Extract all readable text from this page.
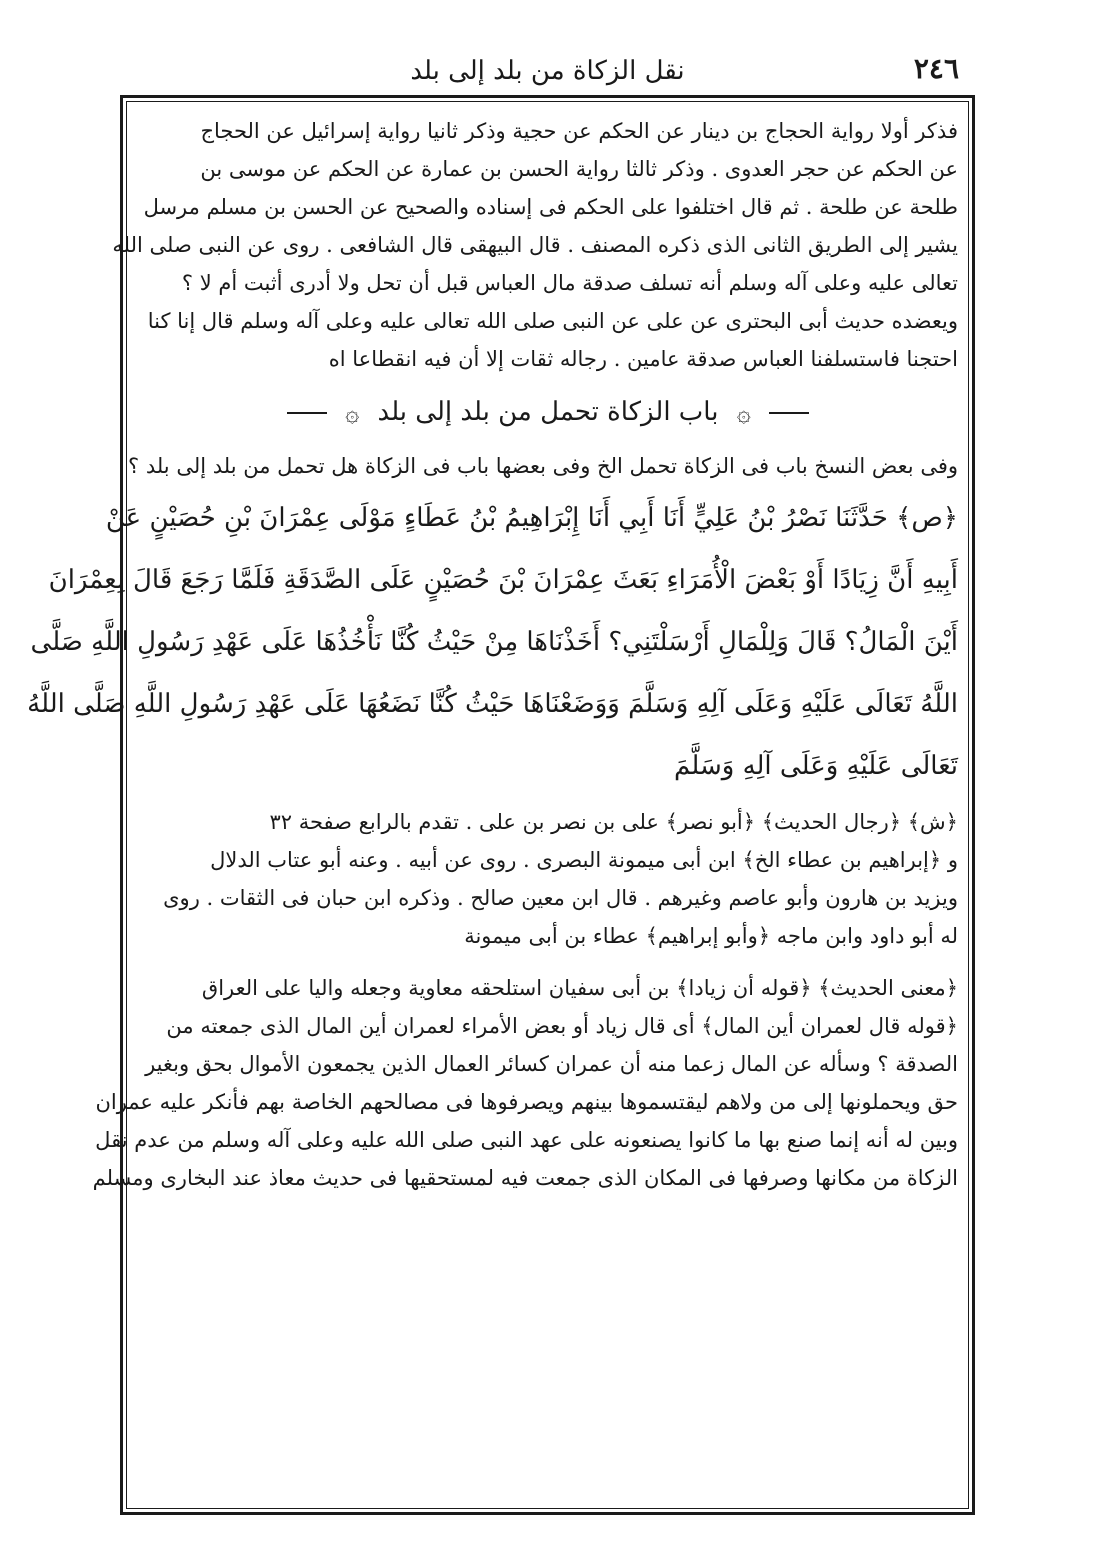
٢٤٦
نقل الزكاة من بلد إلى بلد
فذكر أولا رواية الحجاج بن دينار عن الحكم عن حجية وذكر ثانيا رواية إسرائيل عن الحجاج
عن الحكم عن حجر العدوى . وذكر ثالثا رواية الحسن بن عمارة عن الحكم عن موسى بن
طلحة عن طلحة . ثم قال اختلفوا على الحكم فى إسناده والصحيح عن الحسن بن مسلم مرسل
يشير إلى الطريق الثانى الذى ذكره المصنف . قال البيهقى قال الشافعى . روى عن النبى صلى الله
تعالى عليه وعلى آله وسلم أنه تسلف صدقة مال العباس قبل أن تحل ولا أدرى أثبت أم لا ؟
ويعضده حديث أبى البحترى عن على عن النبى صلى الله تعالى عليه وعلى آله وسلم قال إنا كنا
احتجنا فاستسلفنا العباس صدقة عامين . رجاله ثقات إلا أن فيه انقطاعا اه
۞ باب الزكاة تحمل من بلد إلى بلد ۞
وفى بعض النسخ باب فى الزكاة تحمل الخ وفى بعضها باب فى الزكاة هل تحمل من بلد إلى بلد ؟
﴿ص﴾ حَدَّثَنَا نَصْرُ بْنُ عَلِيٍّ أَنَا أَبِي أَنَا إِبْرَاهِيمُ بْنُ عَطَاءٍ مَوْلَى عِمْرَانَ بْنِ حُصَيْنٍ عَنْ
أَبِيهِ أَنَّ زِيَادًا أَوْ بَعْضَ الْأُمَرَاءِ بَعَثَ عِمْرَانَ بْنَ حُصَيْنٍ عَلَى الصَّدَقَةِ فَلَمَّا رَجَعَ قَالَ لِعِمْرَانَ
أَيْنَ الْمَالُ؟ قَالَ وَلِلْمَالِ أَرْسَلْتَنِي؟ أَخَذْنَاهَا مِنْ حَيْثُ كُنَّا نَأْخُذُهَا عَلَى عَهْدِ رَسُولِ اللَّهِ صَلَّى
اللَّهُ تَعَالَى عَلَيْهِ وَعَلَى آلِهِ وَسَلَّمَ وَوَضَعْنَاهَا حَيْثُ كُنَّا نَضَعُهَا عَلَى عَهْدِ رَسُولِ اللَّهِ صَلَّى اللَّهُ
تَعَالَى عَلَيْهِ وَعَلَى آلِهِ وَسَلَّمَ
﴿ش﴾ ﴿رجال الحديث﴾ ﴿أبو نصر﴾ على بن نصر بن على . تقدم بالرابع صفحة ٣٢
و ﴿إبراهيم بن عطاء الخ﴾ ابن أبى ميمونة البصرى . روى عن أبيه . وعنه أبو عتاب الدلال
ويزيد بن هارون وأبو عاصم وغيرهم . قال ابن معين صالح . وذكره ابن حبان فى الثقات . روى
له أبو داود وابن ماجه ﴿وأبو إبراهيم﴾ عطاء بن أبى ميمونة
﴿معنى الحديث﴾ ﴿قوله أن زيادا﴾ بن أبى سفيان استلحقه معاوية وجعله واليا على العراق
﴿قوله قال لعمران أين المال﴾ أى قال زياد أو بعض الأمراء لعمران أين المال الذى جمعته من
الصدقة ؟ وسأله عن المال زعما منه أن عمران كسائر العمال الذين يجمعون الأموال بحق وبغير
حق ويحملونها إلى من ولاهم ليقتسموها بينهم ويصرفوها فى مصالحهم الخاصة بهم فأنكر عليه عمران
وبين له أنه إنما صنع بها ما كانوا يصنعونه على عهد النبى صلى الله عليه وعلى آله وسلم من عدم نقل
الزكاة من مكانها وصرفها فى المكان الذى جمعت فيه لمستحقيها فى حديث معاذ عند البخارى ومسلم
